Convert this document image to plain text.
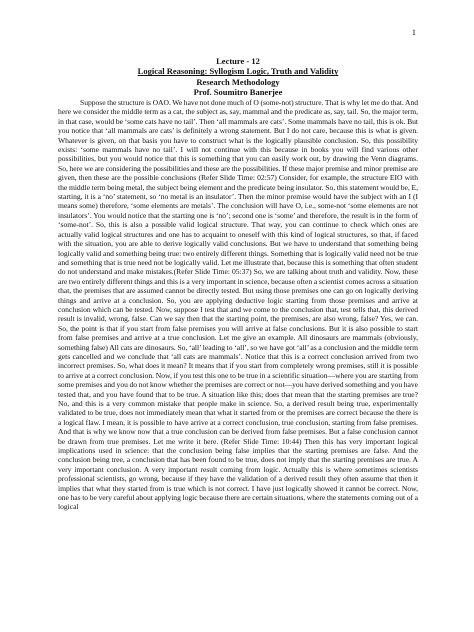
1
Lecture - 12
Logical Reasoning: Syllogism Logic, Truth and Validity
Research Methodology
Prof. Soumitro Banerjee

Suppose the structure is OAO. We have not done much of O (some-not) structure. That is why let me do that. And here we consider the middle term as a cat, the subject as, say, mammal and the predicate as, say, tail. So, the major term, in that case, would be ‘some cats have no tail’. Then ‘all mammals are cats’. Some mammals have no tail, this is ok. But you notice that ‘all mammals are cats’ is definitely a wrong statement. But I do not care, because this is what is given. Whatever is given, on that basis you have to construct what is the logically plausible conclusion. So, this possibility exists: ‘some mammals have no tail’. I will not continue with this because in books you will find various other possibilities, but you would notice that this is something that you can easily work out, by drawing the Venn diagrams. So, here we are considering the possibilities and these are the possibilities. If these major premise and minor premise are given, then these are the possible conclusions (Refer Slide Time: 02:57) Consider, for example, the structure EIO with the middle term being metal, the subject being element and the predicate being insulator. So, this statement would be, E, starting, it is a ‘no’ statement, so ‘no metal is an insulator’. Then the minor premise would have the subject with an I (I means some) therefore, ‘some elements are metals’. The conclusion will have O, i.e., some-not ‘some elements are not insulators’. You would notice that the starting one is ‘no’; second one is ‘some’ and therefore, the result is in the form of ‘some-not’. So, this is also a possible valid logical structure. That way, you can continue to check which ones are actually valid logical structures and one has to acquaint to oneself with this kind of logical structures, so that, if faced with the situation, you are able to derive logically valid conclusions. But we have to understand that something being logically valid and something being true: two entirely different things. Something that is logically valid need not be true and something that is true need not be logically valid. Let me illustrate that, because this is something that often student do not understand and make mistakes.(Refer Slide Time: 05:37) So, we are talking about truth and validity. Now, these are two entirely different things and this is a very important in science, because often a scientist comes across a situation that, the premises that are assumed cannot be directly tested. But using those premises one can go on logically deriving things and arrive at a conclusion. So, you are applying deductive logic starting from those premises and arrive at conclusion which can be tested. Now, suppose I test that and we come to the conclusion that, test tells that, this derived result is invalid, wrong, false. Can we say then that the starting point, the premises, are also wrong, false? Yes, we can. So, the point is that if you start from false premises you will arrive at false conclusions. But it is also possible to start from false premises and arrive at a true conclusion. Let me give an example. All dinosaurs are mammals (obviously, something false) All cats are dinosaurs. So, ‘all’ leading to ‘all’, so we have got ‘all’ as a conclusion and the middle term gets cancelled and we conclude that ‘all cats are mammals’. Notice that this is a correct conclusion arrived from two incorrect premises. So, what does it mean? It means that if you start from completely wrong premises, still it is possible to arrive at a correct conclusion. Now, if you test this one to be true in a scientific situation—where you are starting from some premises and you do not know whether the premises are correct or not—you have derived something and you have tested that, and you have found that to be true. A situation like this; does that mean that the starting premises are true? No, and this is a very common mistake that people make in science. So, a derived result being true, experimentally validated to be true, does not immediately mean that what it started from or the premises are correct because the there is a logical flaw. I mean, it is possible to have arrive at a correct conclusion, true conclusion, starting from false premises. And that is why we know now that a true conclusion can be derived from false premises. But a false conclusion cannot be drawn from true premises. Let me write it here. (Refer Slide Time: 10:44) Then this has very important logical implications used in science: that the conclusion being false implies that the starting premises are false. And the conclusion being tree, a conclusion that has been found to be true, does not imply that the starting premises are true. A very important conclusion. A very important result coming from logic. Actually this is where sometimes scientists professional scientists, go wrong, because if they have the validation of a derived result they often assume that then it implies that what they started from is true which is not correct. I have just logically showed it cannot be correct. Now, one has to be very careful about applying logic because there are certain situations, where the statements coming out of a logical
